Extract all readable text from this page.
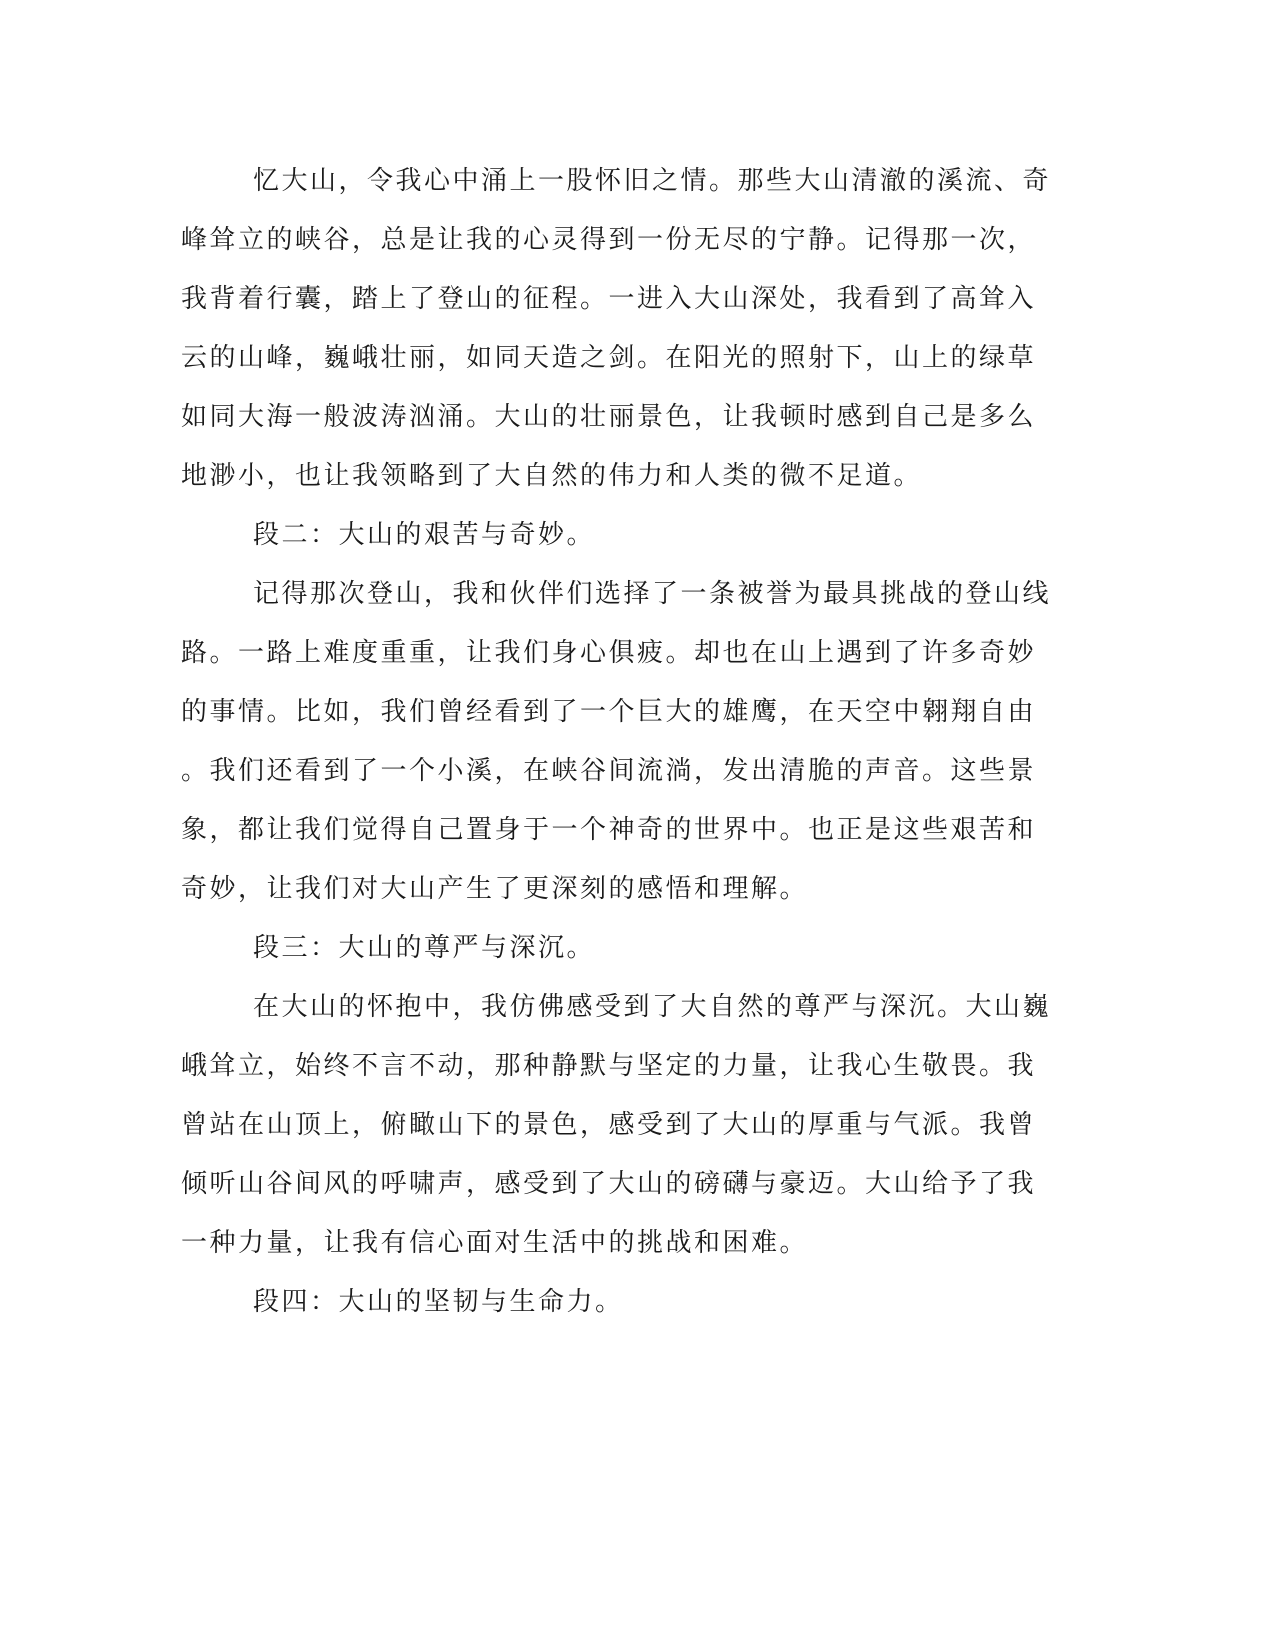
忆大山，令我心中涌上一股怀旧之情。那些大山清澈的溪流、奇
峰耸立的峡谷，总是让我的心灵得到一份无尽的宁静。记得那一次，
我背着行囊，踏上了登山的征程。一进入大山深处，我看到了高耸入
云的山峰，巍峨壮丽，如同天造之剑。在阳光的照射下，山上的绿草
如同大海一般波涛汹涌。大山的壮丽景色，让我顿时感到自己是多么
地渺小，也让我领略到了大自然的伟力和人类的微不足道。
段二：大山的艰苦与奇妙。
记得那次登山，我和伙伴们选择了一条被誉为最具挑战的登山线
路。一路上难度重重，让我们身心俱疲。却也在山上遇到了许多奇妙
的事情。比如，我们曾经看到了一个巨大的雄鹰，在天空中翱翔自由
。我们还看到了一个小溪，在峡谷间流淌，发出清脆的声音。这些景
象，都让我们觉得自己置身于一个神奇的世界中。也正是这些艰苦和
奇妙，让我们对大山产生了更深刻的感悟和理解。
段三：大山的尊严与深沉。
在大山的怀抱中，我仿佛感受到了大自然的尊严与深沉。大山巍
峨耸立，始终不言不动，那种静默与坚定的力量，让我心生敬畏。我
曾站在山顶上，俯瞰山下的景色，感受到了大山的厚重与气派。我曾
倾听山谷间风的呼啸声，感受到了大山的磅礴与豪迈。大山给予了我
一种力量，让我有信心面对生活中的挑战和困难。
段四：大山的坚韧与生命力。
